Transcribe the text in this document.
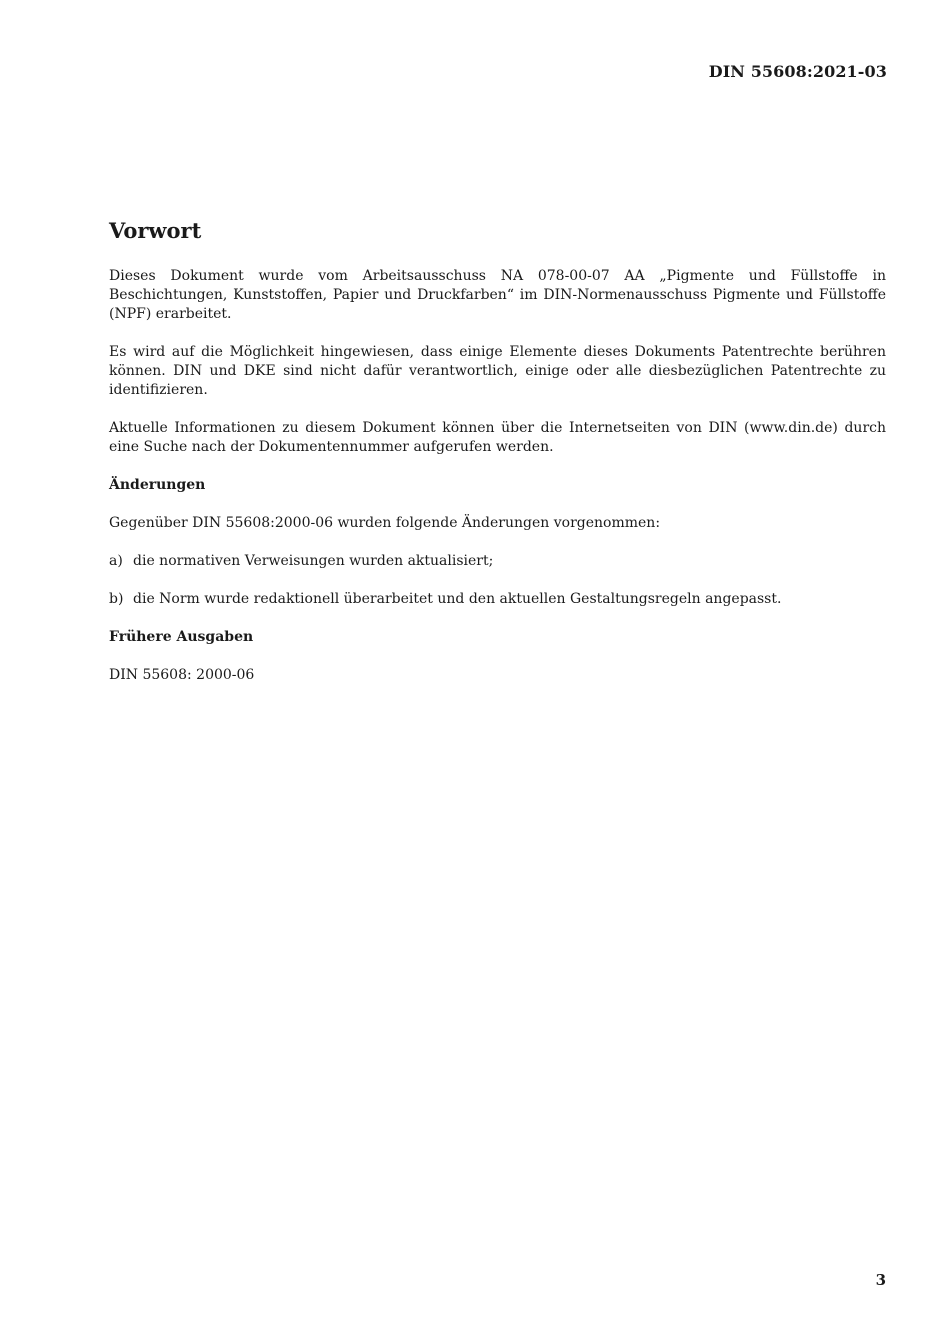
DIN 55608:2021-03
Vorwort

Dieses Dokument wurde vom Arbeitsausschuss NA 078-00-07 AA „Pigmente und Füllstoffe in Beschichtungen, Kunststoffen, Papier und Druckfarben“ im DIN-Normenausschuss Pigmente und Füllstoffe (NPF) erarbeitet.

Es wird auf die Möglichkeit hingewiesen, dass einige Elemente dieses Dokuments Patentrechte berühren können. DIN und DKE sind nicht dafür verantwortlich, einige oder alle diesbezüglichen Patentrechte zu identifizieren.

Aktuelle Informationen zu diesem Dokument können über die Internetseiten von DIN (www.din.de) durch eine Suche nach der Dokumentennummer aufgerufen werden.

Änderungen

Gegenüber DIN 55608:2000-06 wurden folgende Änderungen vorgenommen:

a) die normativen Verweisungen wurden aktualisiert;
b) die Norm wurde redaktionell überarbeitet und den aktuellen Gestaltungsregeln angepasst.
Frühere Ausgaben

DIN 55608: 2000-06

3
